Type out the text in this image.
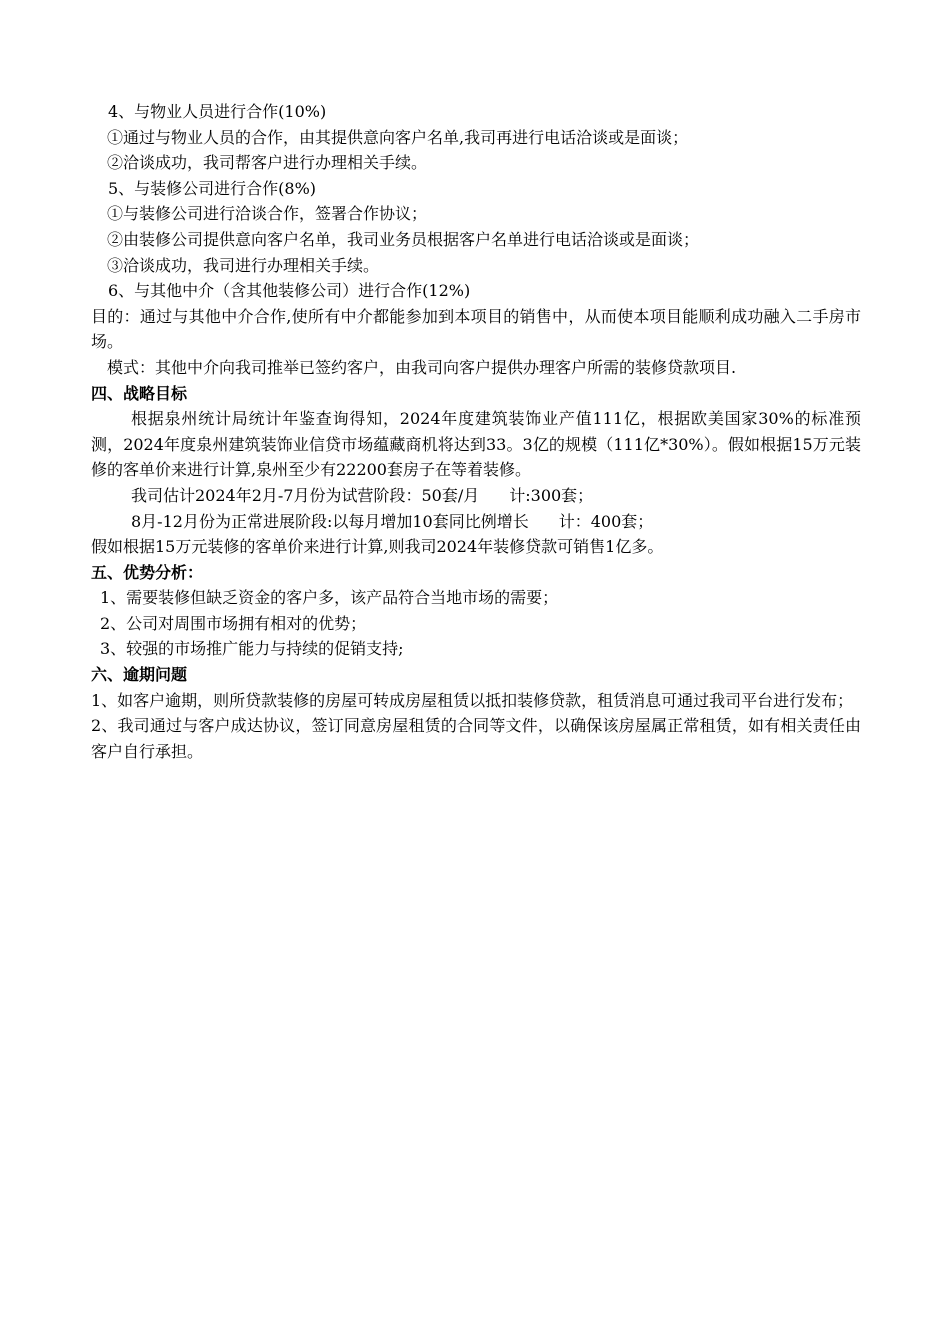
4、与物业人员进行合作(10%)

①通过与物业人员的合作，由其提供意向客户名单,我司再进行电话洽谈或是面谈；

②洽谈成功，我司帮客户进行办理相关手续。

5、与装修公司进行合作(8%)

①与装修公司进行洽谈合作，签署合作协议；

②由装修公司提供意向客户名单，我司业务员根据客户名单进行电话洽谈或是面谈；

③洽谈成功，我司进行办理相关手续。

6、与其他中介（含其他装修公司）进行合作(12%)

目的：通过与其他中介合作,使所有中介都能参加到本项目的销售中，从而使本项目能顺利成功融入二手房市场。

模式：其他中介向我司推举已签约客户，由我司向客户提供办理客户所需的装修贷款项目.

四、战略目标

根据泉州统计局统计年鉴查询得知，2024年度建筑装饰业产值111亿，根据欧美国家30%的标准预测，2024年度泉州建筑装饰业信贷市场蕴藏商机将达到33。3亿的规模（111亿*30%）。假如根据15万元装修的客单价来进行计算,泉州至少有22200套房子在等着装修。

我司估计2024年2月-7月份为试营阶段：50套/月 计:300套；

8月-12月份为正常进展阶段:以每月增加10套同比例增长 计：400套；

假如根据15万元装修的客单价来进行计算,则我司2024年装修贷款可销售1亿多。

五、优势分析：

1、需要装修但缺乏资金的客户多，该产品符合当地市场的需要；

2、公司对周围市场拥有相对的优势；

3、较强的市场推广能力与持续的促销支持;

六、逾期问题

1、如客户逾期，则所贷款装修的房屋可转成房屋租赁以抵扣装修贷款，租赁消息可通过我司平台进行发布；

2、我司通过与客户成达协议，签订同意房屋租赁的合同等文件，以确保该房屋属正常租赁，如有相关责任由客户自行承担。
